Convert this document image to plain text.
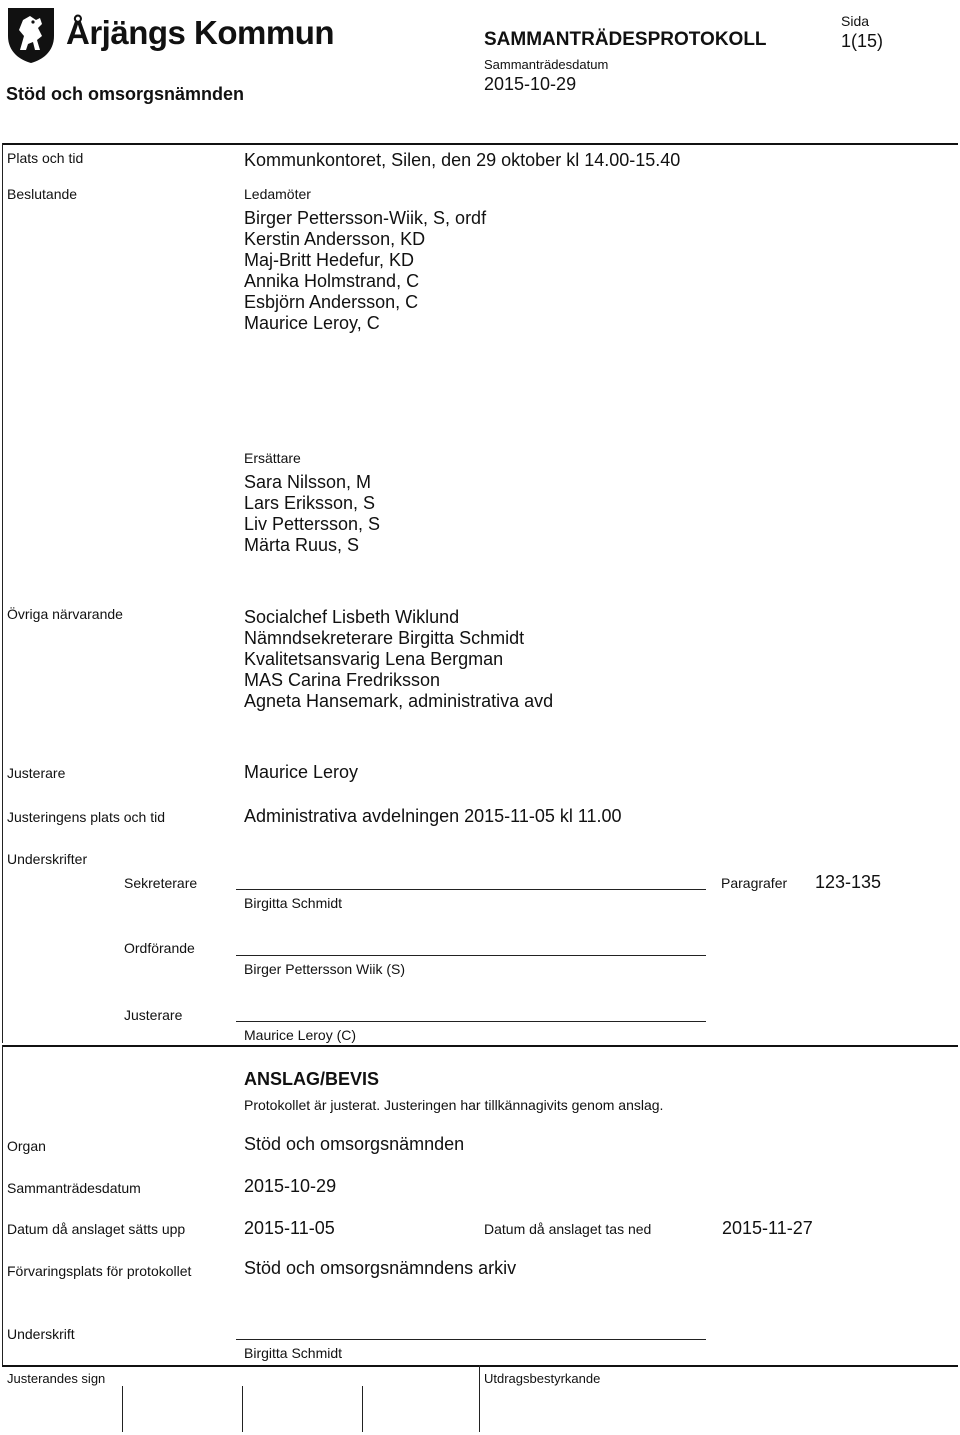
Årjängs Kommun	SAMMANTRÄDESPROTOKOLL
Sida
1(15)
Sammanträdesdatum
2015-10-29
Stöd och omsorgsnämnden
Plats och tid	Kommunkontoret, Silen, den 29 oktober kl 14.00-15.40
Beslutande	Ledamöter
Birger Pettersson-Wiik, S, ordf
Kerstin Andersson, KD
Maj-Britt Hedefur, KD
Annika Holmstrand, C
Esbjörn Andersson, C
Maurice Leroy, C
Ersättare
Sara Nilsson, M
Lars Eriksson, S
Liv Pettersson, S
Märta Ruus, S
Övriga närvarande	Socialchef Lisbeth Wiklund
Nämndsekreterare Birgitta Schmidt
Kvalitetsansvarig Lena Bergman
MAS Carina Fredriksson
Agneta Hansemark, administrativa avd
Justerare	Maurice Leroy
Justeringens plats och tid	Administrativa avdelningen 2015-11-05 kl 11.00
Underskrifter
Sekreterare
Birgitta Schmidt
Paragrafer 123-135
Ordförande
Birger Pettersson Wiik (S)
Justerare
Maurice Leroy (C)
ANSLAG/BEVIS
Protokollet är justerat. Justeringen har tillkännagivits genom anslag.
Organ	Stöd och omsorgsnämnden
Sammanträdesdatum	2015-10-29
Datum då anslaget sätts upp	2015-11-05	Datum då anslaget tas ned	2015-11-27
Förvaringsplats för protokollet	Stöd och omsorgsnämndens arkiv
Underskrift
Birgitta Schmidt
Justerandes sign	Utdragsbestyrkande
